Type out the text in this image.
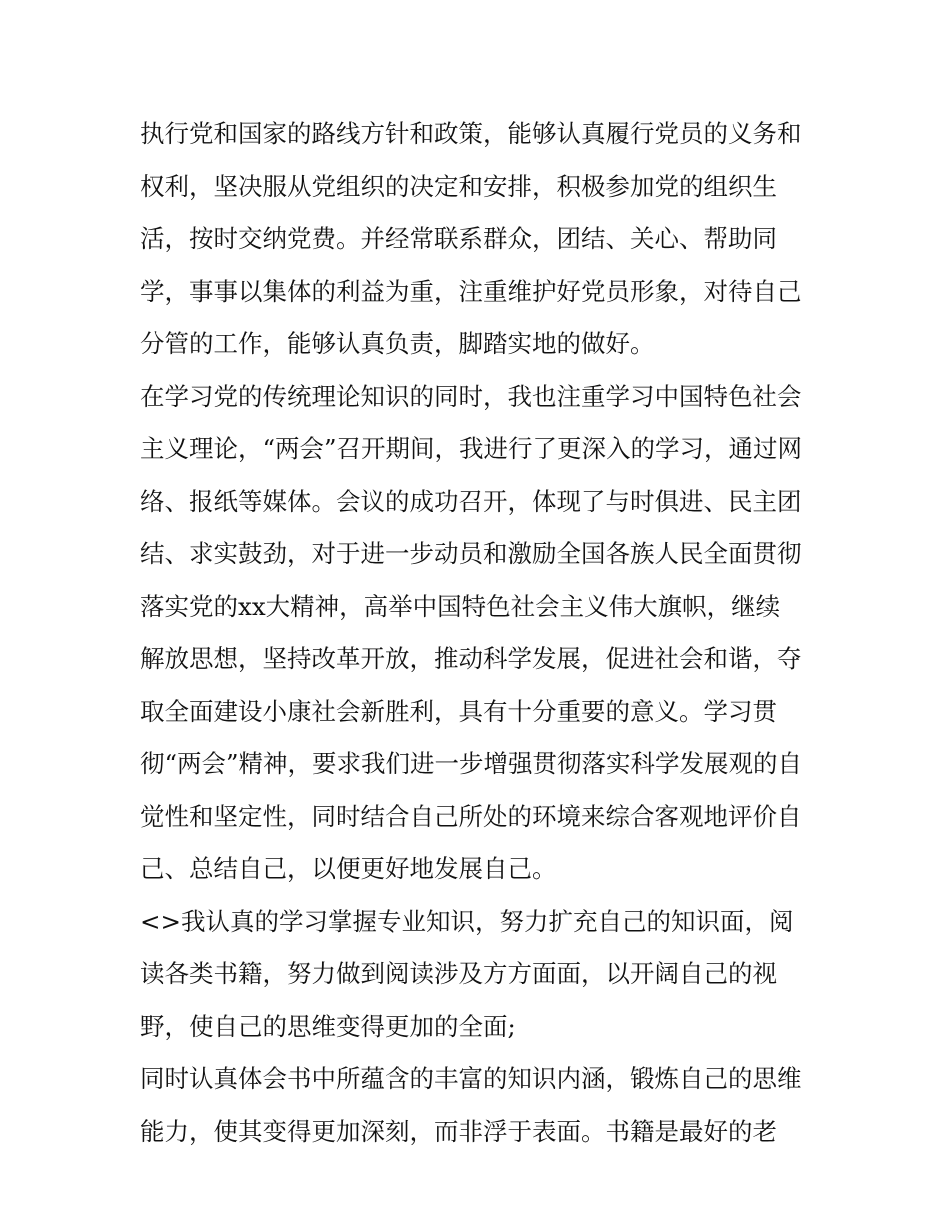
执行党和国家的路线方针和政策，能够认真履行党员的义务和
权利，坚决服从党组织的决定和安排，积极参加党的组织生
活，按时交纳党费。并经常联系群众，团结、关心、帮助同
学，事事以集体的利益为重，注重维护好党员形象，对待自己
分管的工作，能够认真负责，脚踏实地的做好。
在学习党的传统理论知识的同时，我也注重学习中国特色社会
主义理论，“两会”召开期间，我进行了更深入的学习，通过网
络、报纸等媒体。会议的成功召开，体现了与时俱进、民主团
结、求实鼓劲，对于进一步动员和激励全国各族人民全面贯彻
落实党的xx大精神，高举中国特色社会主义伟大旗帜，继续
解放思想，坚持改革开放，推动科学发展，促进社会和谐，夺
取全面建设小康社会新胜利，具有十分重要的意义。学习贯
彻“两会”精神，要求我们进一步增强贯彻落实科学发展观的自
觉性和坚定性，同时结合自己所处的环境来综合客观地评价自
己、总结自己，以便更好地发展自己。
<>我认真的学习掌握专业知识，努力扩充自己的知识面，阅
读各类书籍，努力做到阅读涉及方方面面，以开阔自己的视
野，使自己的思维变得更加的全面;
同时认真体会书中所蕴含的丰富的知识内涵，锻炼自己的思维
能力，使其变得更加深刻，而非浮于表面。书籍是最好的老
